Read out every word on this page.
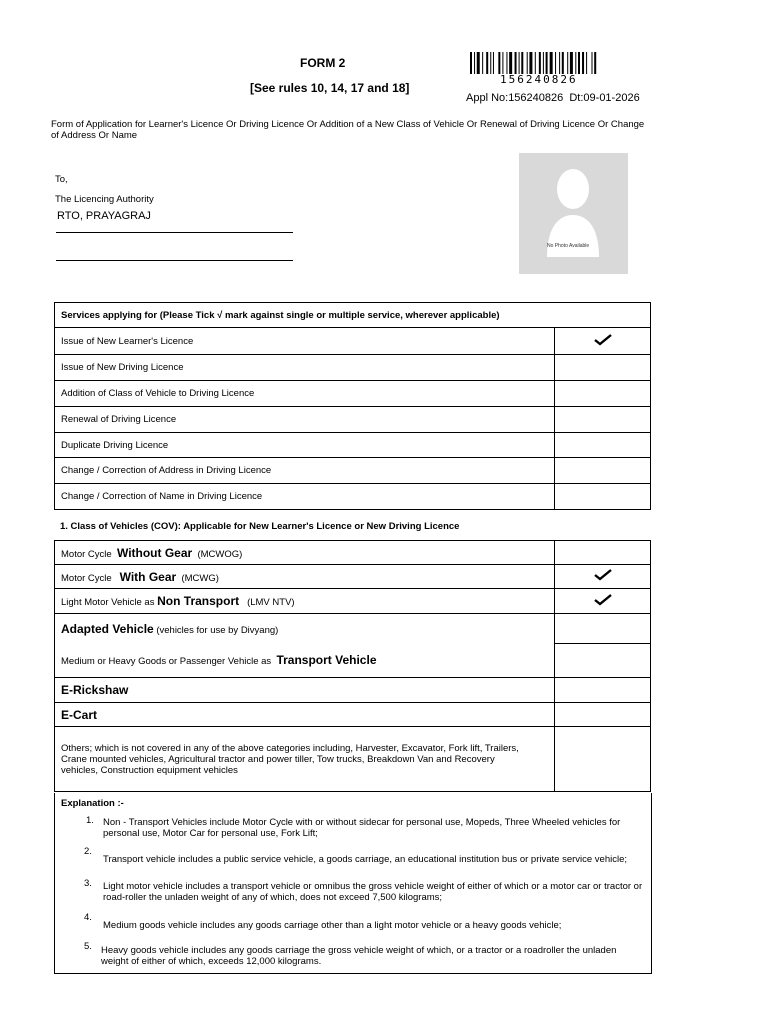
FORM 2
[See rules 10, 14, 17 and 18]
156240826
Appl No:156240826  Dt:09-01-2026
Form of Application for Learner's Licence Or Driving Licence Or Addition of a New Class of Vehicle Or Renewal of Driving Licence Or Change of Address Or Name
To,
The Licencing Authority
RTO, PRAYAGRAJ
No Photo Available
Services applying for (Please Tick √ mark against single or multiple service, wherever applicable)	
Issue of New Learner's Licence	
Issue of New Driving Licence	
Addition of Class of Vehicle to Driving Licence	
Renewal of Driving Licence	
Duplicate Driving Licence	
Change / Correction of Address in Driving Licence	
Change / Correction of Name in Driving Licence	
1. Class of Vehicles (COV): Applicable for New Learner's Licence or New Driving Licence
Motor Cycle Without Gear (MCWOG)	
Motor Cycle With Gear (MCWG)	
Light Motor Vehicle as Non Transport (LMV NTV)	
Adapted Vehicle (vehicles for use by Divyang)	
Medium or Heavy Goods or Passenger Vehicle as Transport Vehicle	
E-Rickshaw	
E-Cart	
Others; which is not covered in any of the above categories including, Harvester, Excavator, Fork lift, Trailers, Crane mounted vehicles, Agricultural tractor and power tiller, Tow trucks, Breakdown Van and Recovery vehicles, Construction equipment vehicles	
Explanation :-
1. Non - Transport Vehicles include Motor Cycle with or without sidecar for personal use, Mopeds, Three Wheeled vehicles for personal use, Motor Car for personal use, Fork Lift;
2.
Transport vehicle includes a public service vehicle, a goods carriage, an educational institution bus or private service vehicle;
3. Light motor vehicle includes a transport vehicle or omnibus the gross vehicle weight of either of which or a motor car or tractor or road-roller the unladen weight of any of which, does not exceed 7,500 kilograms;
4.
Medium goods vehicle includes any goods carriage other than a light motor vehicle or a heavy goods vehicle;
5. Heavy goods vehicle includes any goods carriage the gross vehicle weight of which, or a tractor or a roadroller the unladen weight of either of which, exceeds 12,000 kilograms.
